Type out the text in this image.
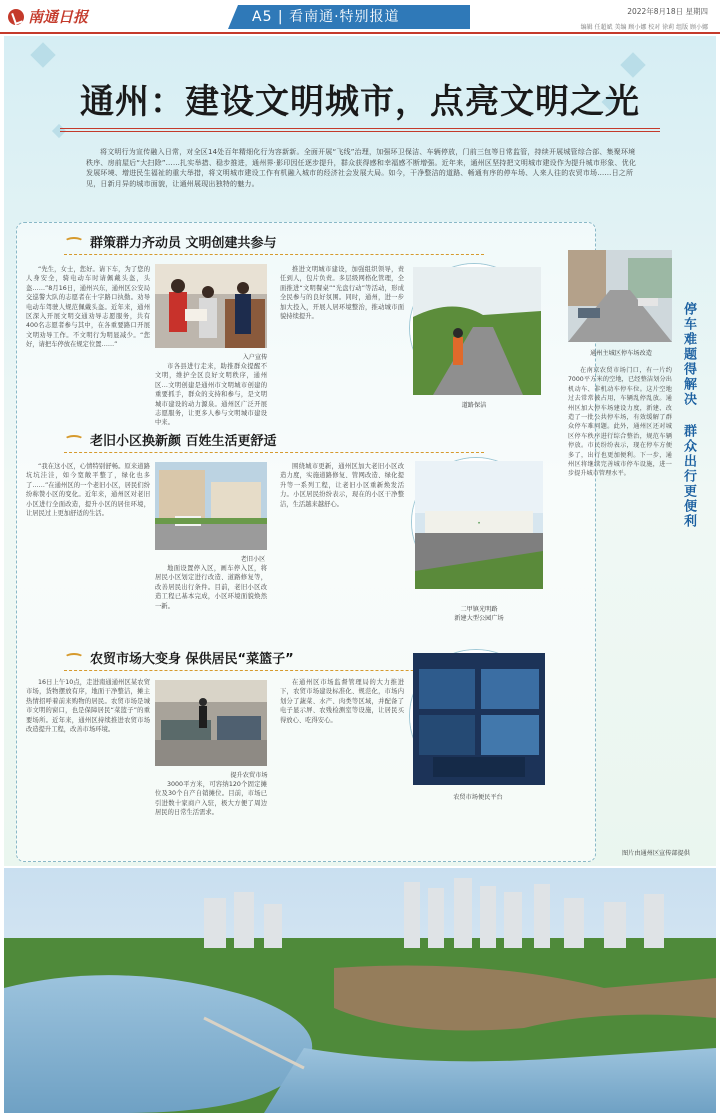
南通日报	A5 | 看南通·特别报道	2022年8月18日 星期四
编辑 任超斌 美编 顾小娜 校对 徐莉 组版 顾小娜
通州：建设文明城市，点亮文明之光
将文明行为宣传融入日常，对全区14处百年精细化行为容新新。全面开展“飞线”治理，加强环卫保洁、车辆停放，门前三包等日常监管，持续开展城管综合部、集聚环境秩序、房前屋后“大扫除”……扎实举措、稳步推进，通州界·影印因任逐步提升，群众获得感和幸福感不断增强。近年来，通州区坚持把文明城市建设作为提升城市形象、优化发展环境、增进民生福祉的重大举措，将文明城市建设工作有机融入城市的经济社会发展大局。如今，干净整洁的道路、畅通有序的停车场、人来人往的农贸市场……日之所见，日新月异的城市面貌，让通州展现出独特的魅力。
群策群力齐动员 文明创建共参与
“先生，女士，您好。请下车，为了您的人身安全，骑电动车时请佩戴头盔，头盔……”8月16日，通州兴东，通州区公安局交巡警大队的志愿者在十字路口执勤。劝导电动车驾驶人规范佩戴头盔。近年来，通州区深入开展文明交通劝导志愿服务，共有400名志愿者参与其中，在各重要路口开展文明劝导工作。不文明行为明显减少。“您好，请把车停放在规定位置……”
入户宣传
市各县进行走来，助推群众提醒不文明，维护全区良好文明秩序，通州区…文明创建是通州市文明城市创建的重要抓手，群众的支持和参与，是文明城市建设的动力源泉。通州区广泛开展志愿服务，让更多人参与文明城市建设中来。
推进文明城市建设，加强组织领导，责任到人，包片负责。多层级网格化管理，全面推进“文明餐桌”“光盘行动”等活动，形成全民参与的良好氛围。同时，通州，进一步加大投入，开展人居环境整治，推动城市面貌持续提升。
道路保洁
老旧小区换新颜 百姓生活更舒适
“我在这小区，心情特别舒畅。原来道路坑坑洼洼，如今宽敞平整了，绿化也多了……”在通州区的一个老旧小区，居民们纷纷称赞小区的变化。近年来，通州区对老旧小区进行全面改造，提升小区的居住环境，让居民过上更加舒适的生活。
老旧小区
地面设置停入区，画车停入区，将居民小区划定进行改造、道路修复等，改善居民出行条件。目前，老旧小区改造工程已基本完成，小区环境面貌焕然一新。
围绕城市更新，通州区加大老旧小区改造力度，实施道路修复、管网改造、绿化提升等一系列工程，让老旧小区重新焕发活力。小区居民纷纷表示，现在的小区干净整洁，生活越来越舒心。
·
二甲镇光明路
新建大型公园广场
农贸市场大变身 保供居民“菜篮子”
16日上午10点，走进南通通州区某农贸市场，货物摆放有序，地面干净整洁，摊主热情招呼着前来购物的居民。农贸市场是城市文明的窗口，也是保障居民“菜篮子”的重要场所。近年来，通州区持续推进农贸市场改造提升工程，改善市场环境。
提升农贸市场
3000平方米，可容纳120个固定摊位及30个自产自销摊位。目前，市场已引进数十家商户入驻，极大方便了周边居民的日常生活需求。
在通州区市场监督管理局的大力推进下，农贸市场建设标准化、规范化，市场内划分了蔬菜、水产、肉类等区域，并配备了电子显示屏、农残检测室等设施，让居民买得放心、吃得安心。
农贸市场便民平台
通州主城区停车场改造	停车难题得解决 群众出行更便利
在南京农贸市场门口，有一片约7000平方米的空地，已经整洁划分出机动车、非机动车停车位。这片空地过去常常被占用，车辆乱停乱放。通州区加大停车场建设力度，新建、改造了一批公共停车场，有效缓解了群众停车难问题。此外，通州区还对城区停车秩序进行综合整治，规范车辆停放。市民纷纷表示，现在停车方便多了，出行也更加便利。下一步，通州区将继续完善城市停车设施，进一步提升城市管理水平。
图片由通州区宣传部提供
